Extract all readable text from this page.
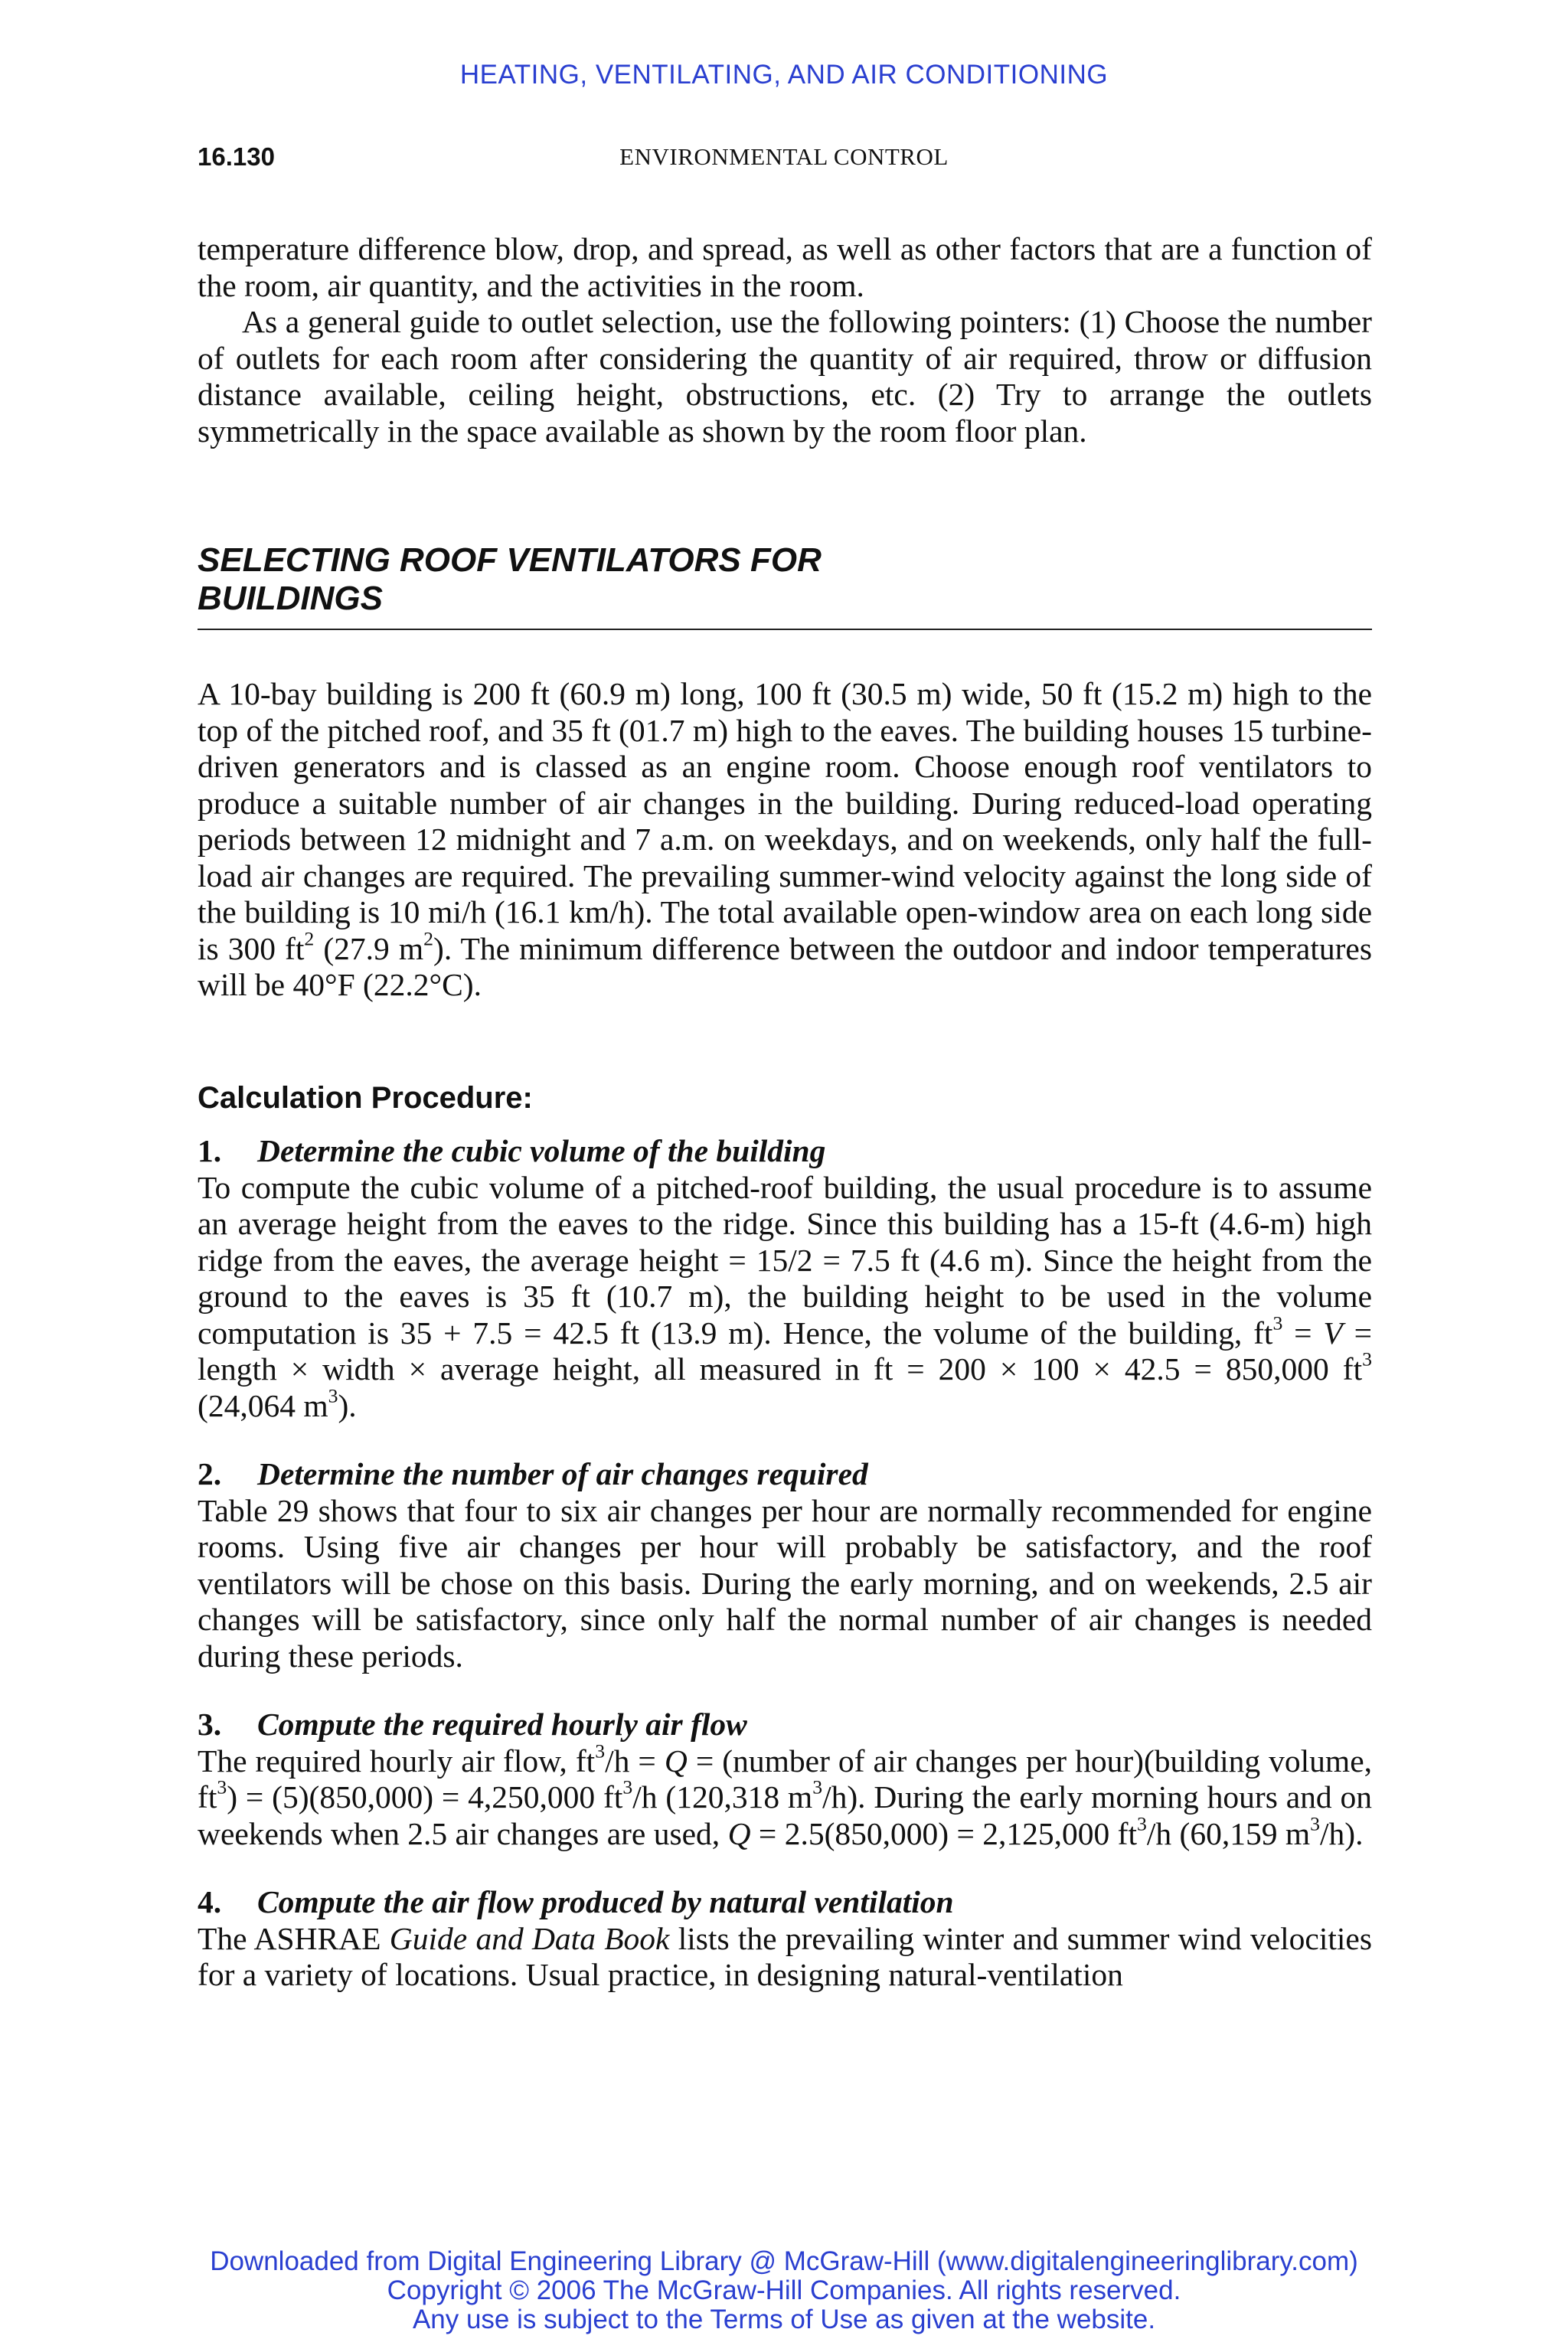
HEATING, VENTILATING, AND AIR CONDITIONING
16.130	ENVIRONMENTAL CONTROL

temperature difference blow, drop, and spread, as well as other factors that are a function of the room, air quantity, and the activities in the room.

As a general guide to outlet selection, use the following pointers: (1) Choose the number of outlets for each room after considering the quantity of air required, throw or diffusion distance available, ceiling height, obstructions, etc. (2) Try to arrange the outlets symmetrically in the space available as shown by the room floor plan.

SELECTING ROOF VENTILATORS FOR BUILDINGS

A 10-bay building is 200 ft (60.9 m) long, 100 ft (30.5 m) wide, 50 ft (15.2 m) high to the top of the pitched roof, and 35 ft (01.7 m) high to the eaves. The building houses 15 turbine-driven generators and is classed as an engine room. Choose enough roof ventilators to produce a suitable number of air changes in the building. During reduced-load operating periods between 12 midnight and 7 a.m. on weekdays, and on weekends, only half the full-load air changes are required. The prevailing summer-wind velocity against the long side of the building is 10 mi/h (16.1 km/h). The total available open-window area on each long side is 300 $ft^2$ (27.9 $m^2$). The minimum difference between the outdoor and indoor temperatures will be 40°F (22.2°C).

Calculation Procedure:
1. Determine the cubic volume of the building

To compute the cubic volume of a pitched-roof building, the usual procedure is to assume an average height from the eaves to the ridge. Since this building has a 15-ft (4.6-m) high ridge from the eaves, the average height = 15/2 = 7.5 ft (4.6 m). Since the height from the ground to the eaves is 35 ft (10.7 m), the building height to be used in the volume computation is 35 + 7.5 = 42.5 ft (13.9 m). Hence, the volume of the building, $ft^3 = V$ = length × width × average height, all measured in ft = 200 × 100 × 42.5 = 850,000 $ft^3$ (24,064 $m^3$).

2. Determine the number of air changes required

Table 29 shows that four to six air changes per hour are normally recommended for engine rooms. Using five air changes per hour will probably be satisfactory, and the roof ventilators will be chose on this basis. During the early morning, and on weekends, 2.5 air changes will be satisfactory, since only half the normal number of air changes is needed during these periods.

3. Compute the required hourly air flow

The required hourly air flow, $ft^3/h = Q$ = (number of air changes per hour)(building volume, $ft^3) = (5)(850,000) = 4,250,000$ $ft^3/h$ (120,318 $m^3/h$). During the early morning hours and on weekends when 2.5 air changes are used, Q = 2.5(850,000) = 2,125,000 $ft^3/h$ (60,159 $m^3/h$).

4. Compute the air flow produced by natural ventilation

The ASHRAE Guide and Data Book lists the prevailing winter and summer wind velocities for a variety of locations. Usual practice, in designing natural-ventilation

Downloaded from Digital Engineering Library @ McGraw-Hill (www.digitalengineeringlibrary.com)
Copyright © 2006 The McGraw-Hill Companies. All rights reserved.
Any use is subject to the Terms of Use as given at the website.
